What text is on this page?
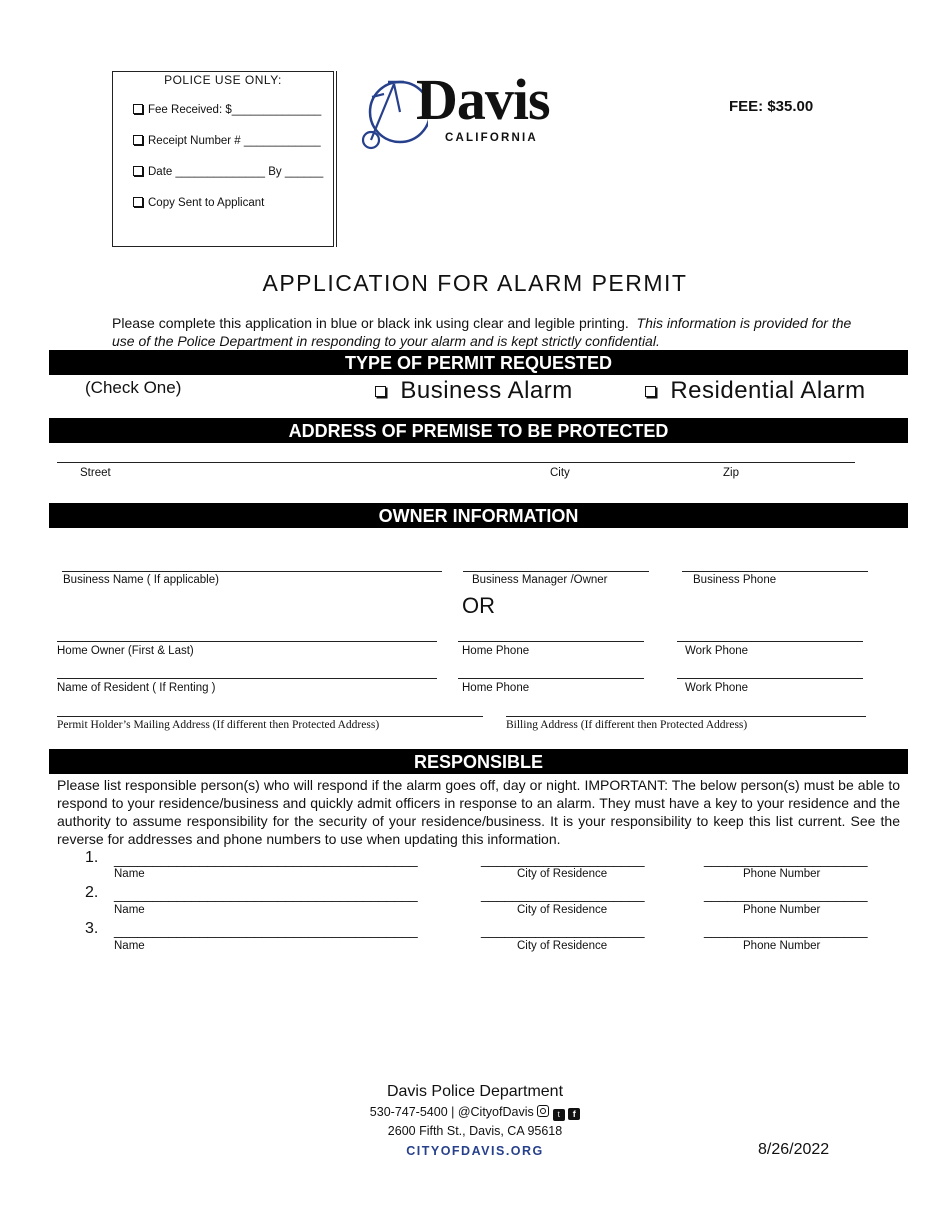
POLICE USE ONLY:
Fee Received: $______________
Receipt Number # ____________
Date ______________ By ______
Copy Sent to Applicant
Davis
CALIFORNIA
FEE: $35.00
APPLICATION FOR ALARM PERMIT
Please complete this application in blue or black ink using clear and legible printing. This information is provided for the use of the Police Department in responding to your alarm and is kept strictly confidential.
TYPE OF PERMIT REQUESTED
(Check One)	Business Alarm	Residential Alarm
ADDRESS OF PREMISE TO BE PROTECTED
Street	City	Zip
OWNER INFORMATION
Business Name ( If applicable)	Business Manager /Owner	Business Phone
OR
Home Owner (First & Last)	Home Phone	Work Phone
Name of Resident ( If Renting )	Home Phone	Work Phone
Permit Holder’s Mailing Address (If different then Protected Address)	Billing Address (If different then Protected Address)
RESPONSIBLE
Please list responsible person(s) who will respond if the alarm goes off, day or night. IMPORTANT: The below person(s) must be able to respond to your residence/business and quickly admit officers in response to an alarm. They must have a key to your residence and the authority to assume responsibility for the security of your residence/business. It is your responsibility to keep this list current. See the reverse for addresses and phone numbers to use when updating this information.
1. _______________________________________	_____________________	_____________________
Name	City of Residence	Phone Number
2. _______________________________________	_____________________	_____________________
Name	City of Residence	Phone Number
3. _______________________________________	_____________________	_____________________
Name	City of Residence	Phone Number
Davis Police Department
530-747-5400 | @CityofDavis	t f
2600 Fifth St., Davis, CA 95618
CITYOFDAVIS.ORG	8/26/2022
